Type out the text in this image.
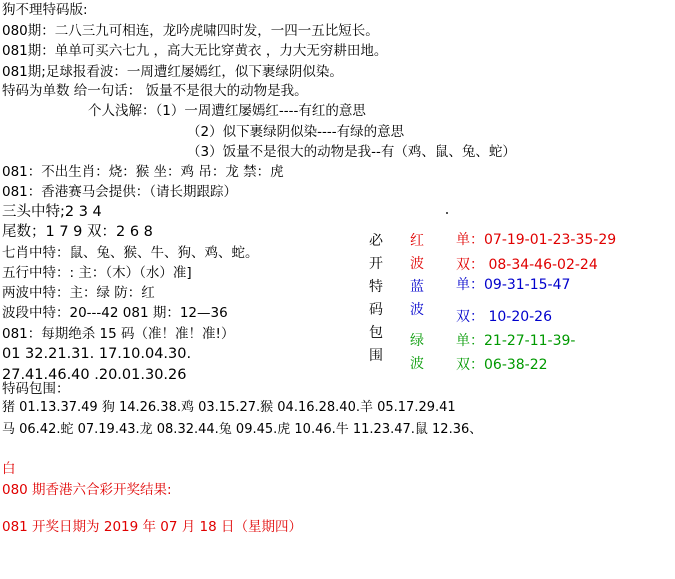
狗不理特码版:
080期：二八三九可相连，龙吟虎啸四时发，一四一五比短长。
081期：单单可买六七九 ，高大无比穿黄衣 ，力大无穷耕田地。
081期;足球报看波：一周遭红屡嫣红，似下裹绿阴似染。
特码为单数 给一句话： 饭量不是很大的动物是我。
个人浅解：（1）一周遭红屡嫣红----有红的意思
（2）似下裹绿阴似染----有绿的意思
（3）饭量不是很大的动物是我--有（鸡、鼠、兔、蛇）
081：不出生肖：烧：猴 坐：鸡 吊：龙 禁：虎
081：香港赛马会提供：（请长期跟踪）
三头中特;2 3 4
尾数；1 7 9 双：2 6 8
七肖中特：鼠、兔、猴、牛、狗、鸡、蛇。
五行中特：: 主：（木）（水）准]
两波中特：主：绿 防：红
波段中特：20---42 081 期：12—36
081：每期绝杀 15 码（准！准！准!）
01 32.21.31. 17.10.04.30.
27.41.46.40 .20.01.30.26
必
开
特
码
包
围
红
波
蓝
波
绿
波
单：07-19-01-23-35-29
双： 08-34-46-02-24
单：09-31-15-47
双： 10-20-26
单：21-27-11-39-
双：06-38-22
特码包围：
猪 01.13.37.49 狗 14.26.38.鸡 03.15.27.猴 04.16.28.40.羊 05.17.29.41
马 06.42.蛇 07.19.43.龙 08.32.44.兔 09.45.虎 10.46.牛 11.23.47.鼠 12.36、
白
080 期香港六合彩开奖结果:
081 开奖日期为 2019 年 07 月 18 日（星期四）
